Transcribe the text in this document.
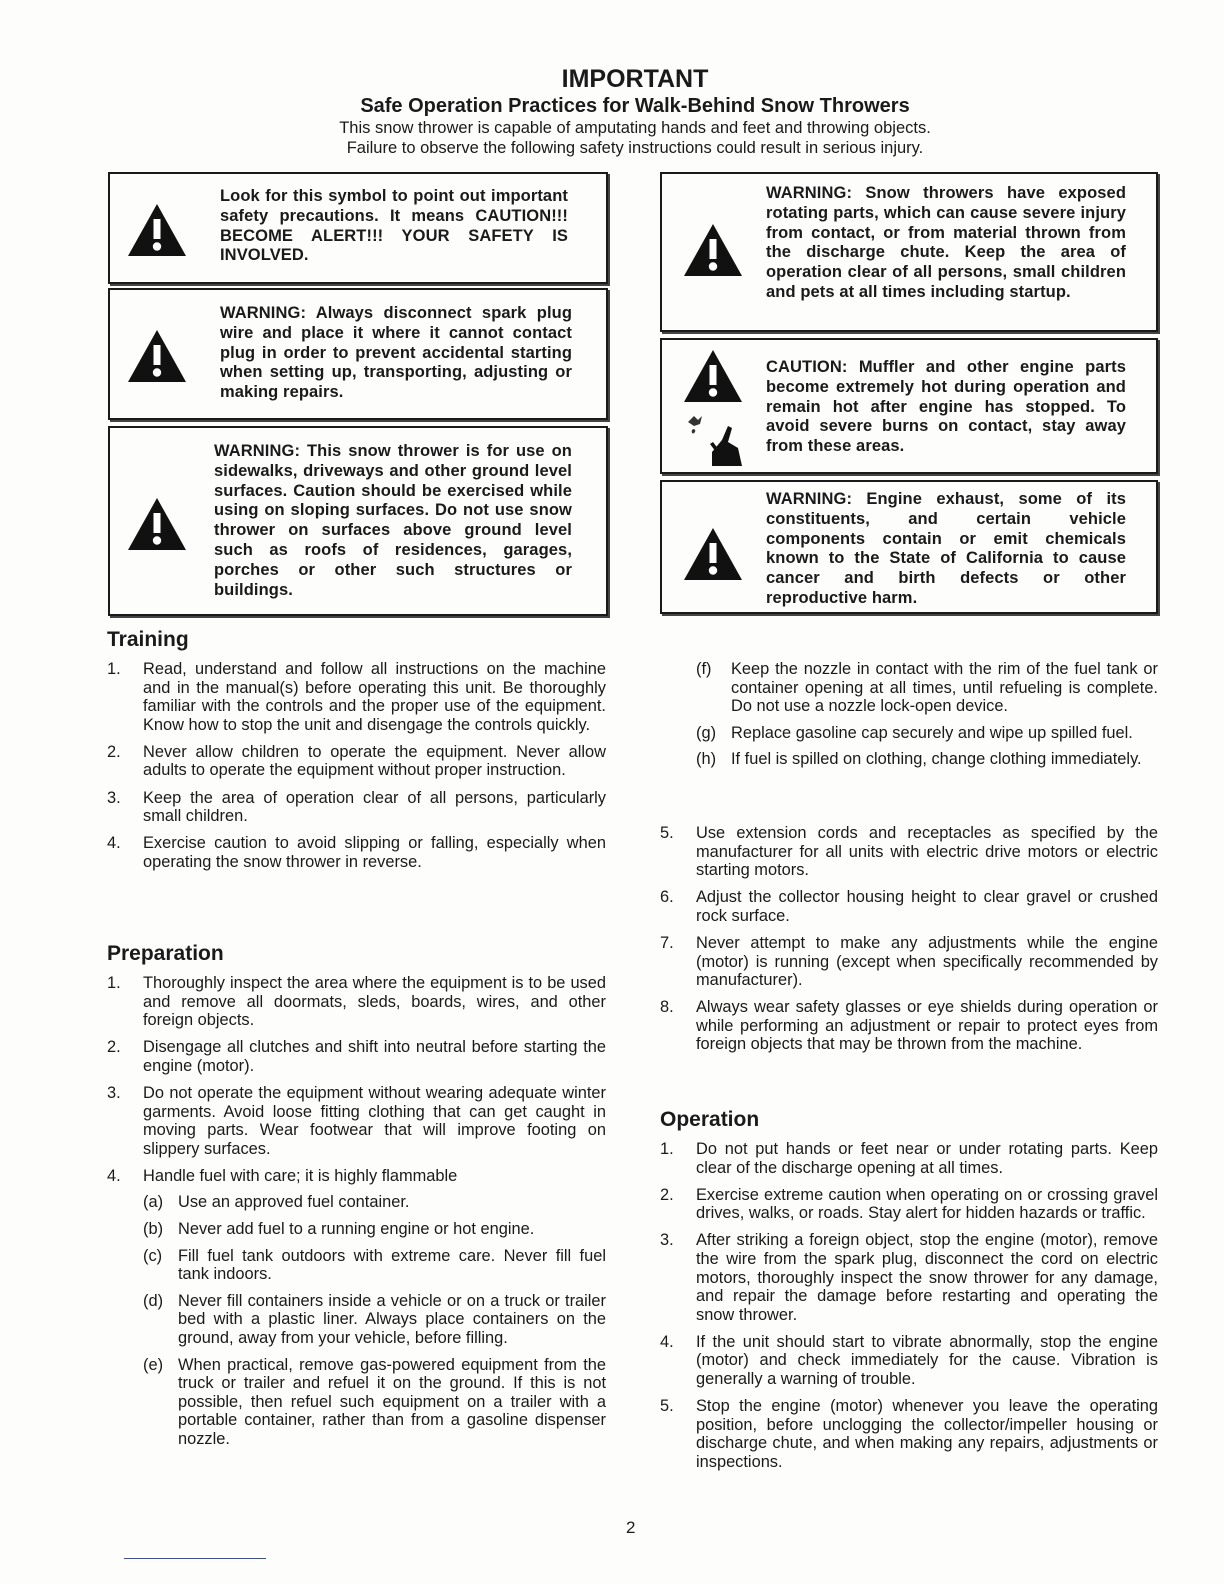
IMPORTANT
Safe Operation Practices for Walk-Behind Snow Throwers
This snow thrower is capable of amputating hands and feet and throwing objects.
Failure to observe the following safety instructions could result in serious injury.
Look for this symbol to point out important safety precautions. It means CAUTION!!! BECOME ALERT!!! YOUR SAFETY IS INVOLVED.
WARNING: Always disconnect spark plug wire and place it where it cannot contact plug in order to prevent accidental starting when setting up, transporting, adjusting or making repairs.
WARNING: This snow thrower is for use on sidewalks, driveways and other ground level surfaces. Caution should be exercised while using on sloping surfaces. Do not use snow thrower on surfaces above ground level such as roofs of residences, garages, porches or other such structures or buildings.
WARNING: Snow throwers have exposed rotating parts, which can cause severe injury from contact, or from material thrown from the discharge chute. Keep the area of operation clear of all persons, small children and pets at all times including startup.
CAUTION: Muffler and other engine parts become extremely hot during operation and remain hot after engine has stopped. To avoid severe burns on contact, stay away from these areas.
WARNING: Engine exhaust, some of its constituents, and certain vehicle components contain or emit chemicals known to the State of California to cause cancer and birth defects or other reproductive harm.
Training
1. Read, understand and follow all instructions on the machine and in the manual(s) before operating this unit. Be thoroughly familiar with the controls and the proper use of the equipment. Know how to stop the unit and disengage the controls quickly.
2. Never allow children to operate the equipment. Never allow adults to operate the equipment without proper instruction.
3. Keep the area of operation clear of all persons, particularly small children.
4. Exercise caution to avoid slipping or falling, especially when operating the snow thrower in reverse.
Preparation
1. Thoroughly inspect the area where the equipment is to be used and remove all doormats, sleds, boards, wires, and other foreign objects.
2. Disengage all clutches and shift into neutral before starting the engine (motor).
3. Do not operate the equipment without wearing adequate winter garments. Avoid loose fitting clothing that can get caught in moving parts. Wear footwear that will improve footing on slippery surfaces.
4. Handle fuel with care; it is highly flammable
(a) Use an approved fuel container.
(b) Never add fuel to a running engine or hot engine.
(c) Fill fuel tank outdoors with extreme care. Never fill fuel tank indoors.
(d) Never fill containers inside a vehicle or on a truck or trailer bed with a plastic liner. Always place containers on the ground, away from your vehicle, before filling.
(e) When practical, remove gas-powered equipment from the truck or trailer and refuel it on the ground. If this is not possible, then refuel such equipment on a trailer with a portable container, rather than from a gasoline dispenser nozzle.
(f) Keep the nozzle in contact with the rim of the fuel tank or container opening at all times, until refueling is complete. Do not use a nozzle lock-open device.
(g) Replace gasoline cap securely and wipe up spilled fuel.
(h) If fuel is spilled on clothing, change clothing immediately.
5. Use extension cords and receptacles as specified by the manufacturer for all units with electric drive motors or electric starting motors.
6. Adjust the collector housing height to clear gravel or crushed rock surface.
7. Never attempt to make any adjustments while the engine (motor) is running (except when specifically recommended by manufacturer).
8. Always wear safety glasses or eye shields during operation or while performing an adjustment or repair to protect eyes from foreign objects that may be thrown from the machine.
Operation
1. Do not put hands or feet near or under rotating parts. Keep clear of the discharge opening at all times.
2. Exercise extreme caution when operating on or crossing gravel drives, walks, or roads. Stay alert for hidden hazards or traffic.
3. After striking a foreign object, stop the engine (motor), remove the wire from the spark plug, disconnect the cord on electric motors, thoroughly inspect the snow thrower for any damage, and repair the damage before restarting and operating the snow thrower.
4. If the unit should start to vibrate abnormally, stop the engine (motor) and check immediately for the cause. Vibration is generally a warning of trouble.
5. Stop the engine (motor) whenever you leave the operating position, before unclogging the collector/impeller housing or discharge chute, and when making any repairs, adjustments or inspections.
2
